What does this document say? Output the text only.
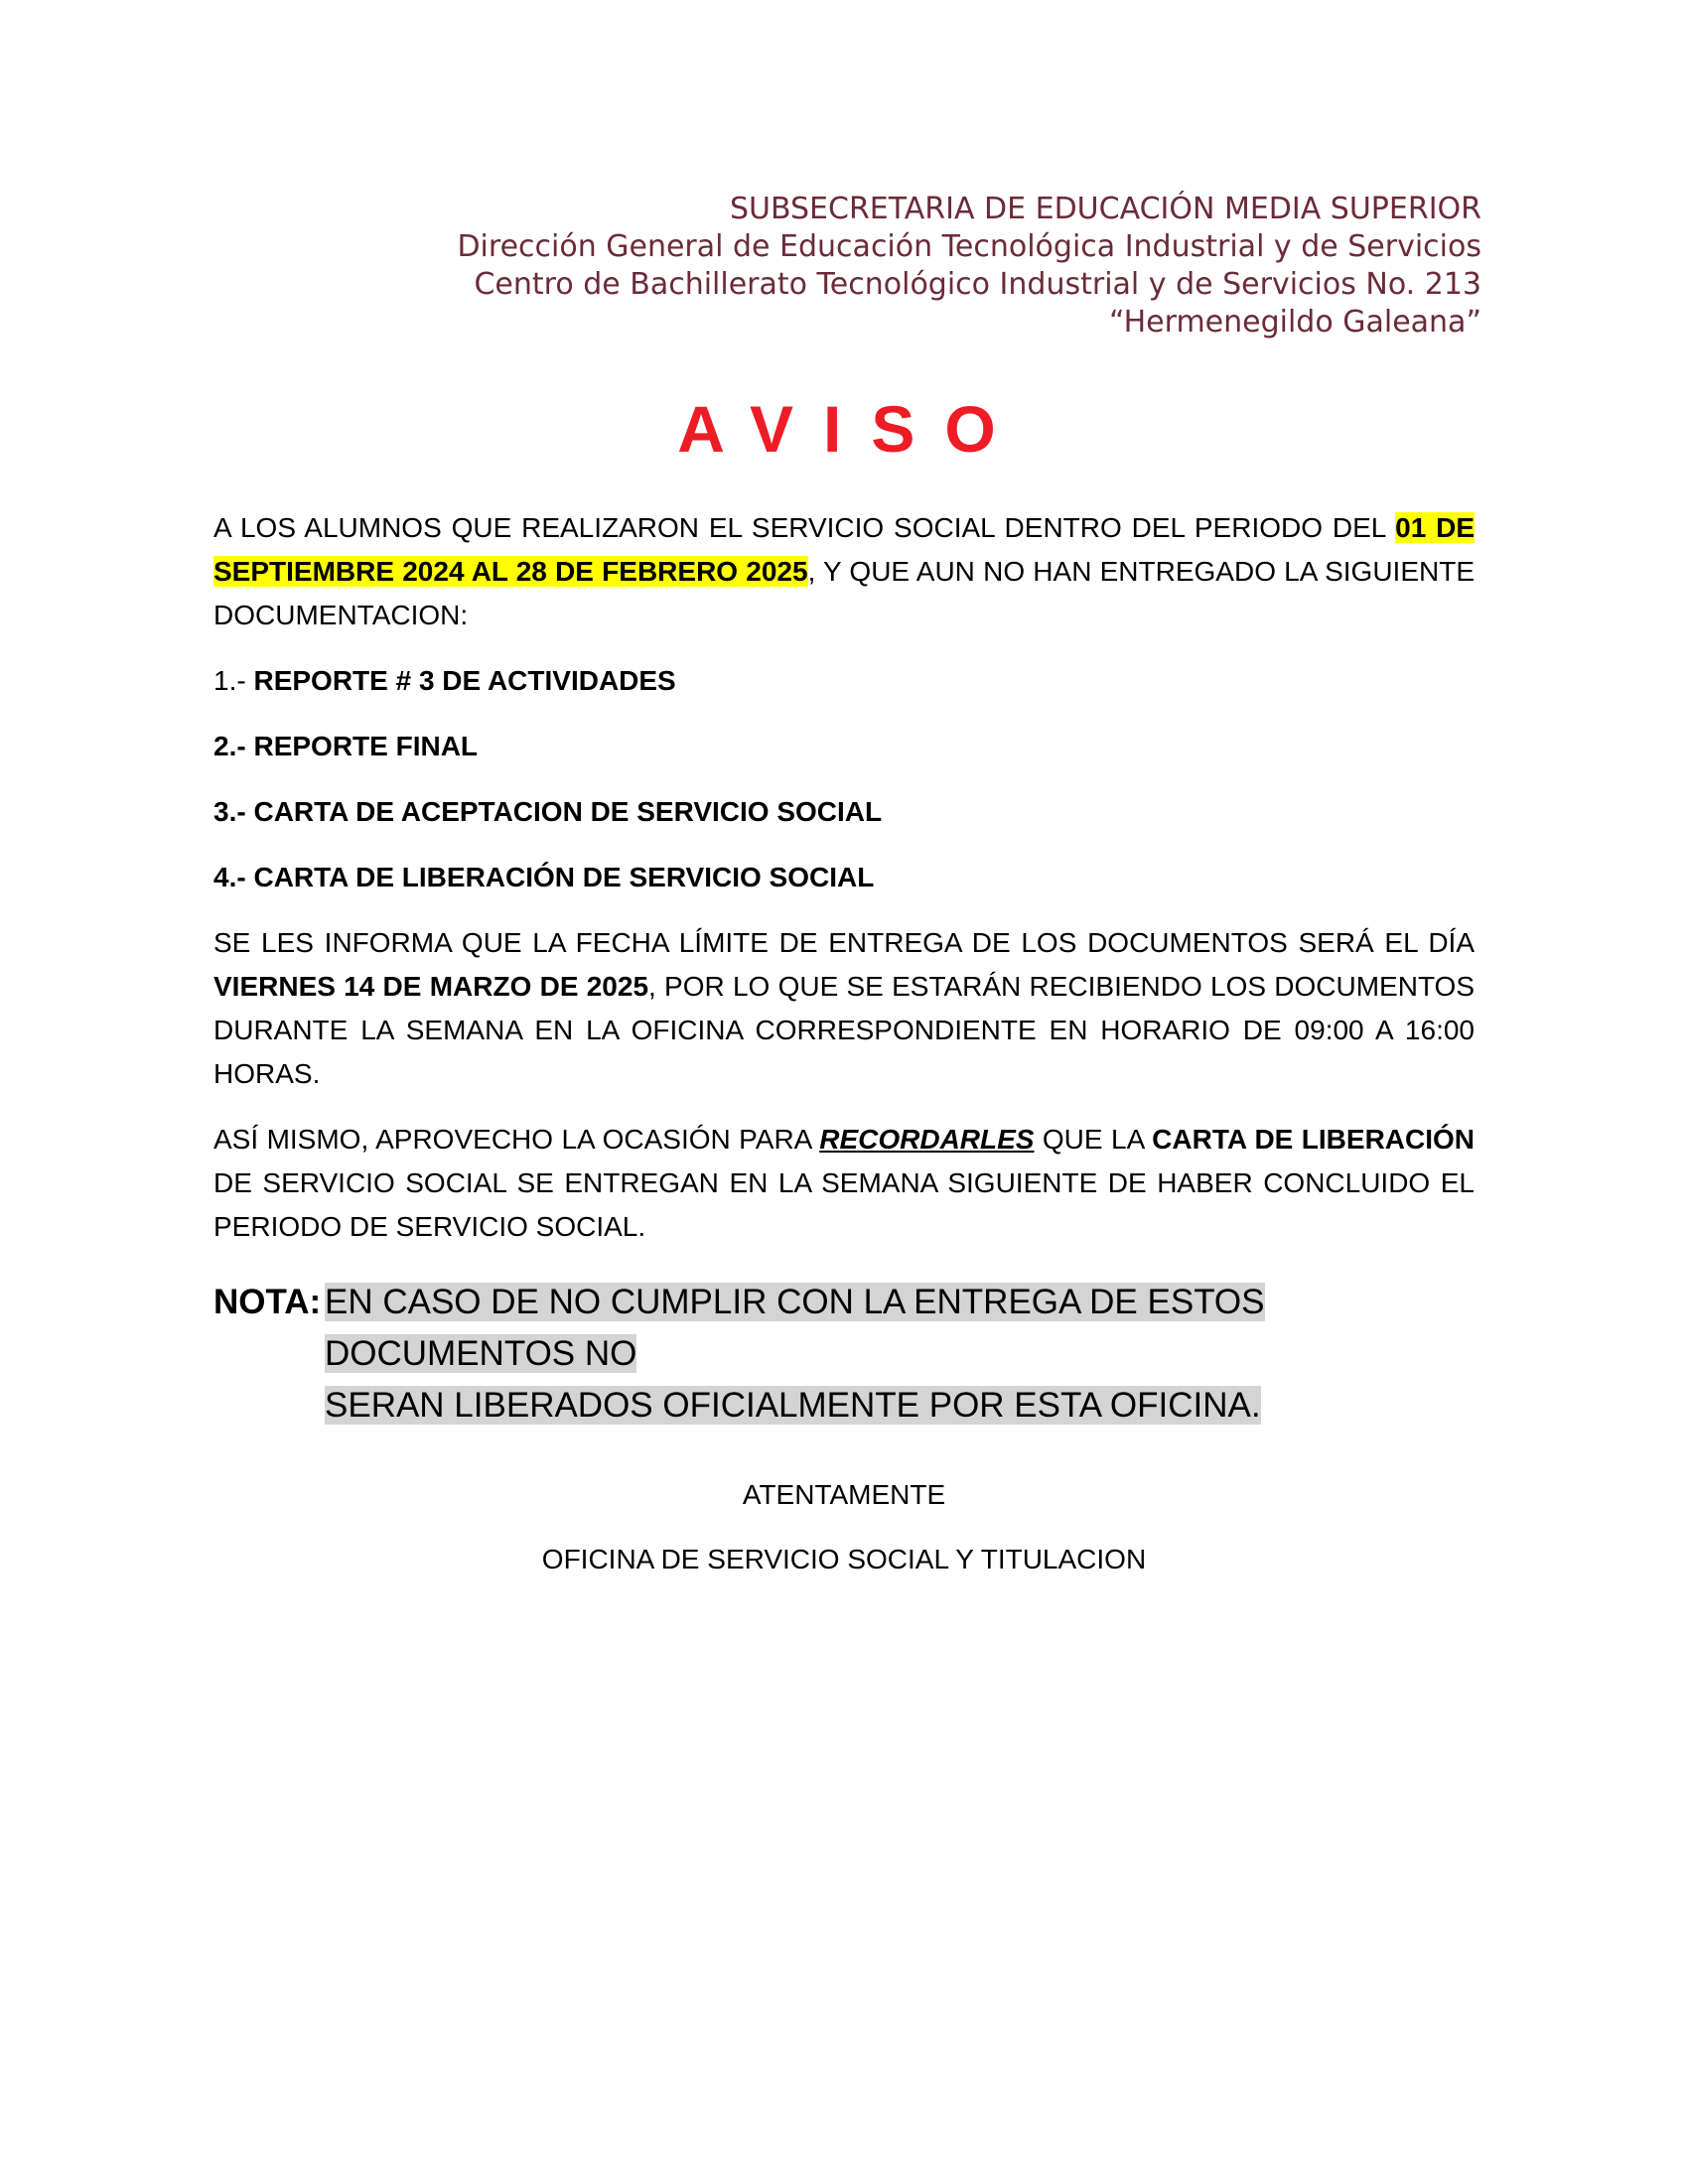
SUBSECRETARIA DE EDUCACIÓN MEDIA SUPERIOR
Dirección General de Educación Tecnológica Industrial y de Servicios
Centro de Bachillerato Tecnológico Industrial y de Servicios No. 213
“Hermenegildo Galeana”
AVISO

A LOS ALUMNOS QUE REALIZARON EL SERVICIO SOCIAL DENTRO DEL PERIODO DEL 01 DE SEPTIEMBRE 2024 AL 28 DE FEBRERO 2025, Y QUE AUN NO HAN ENTREGADO LA SIGUIENTE DOCUMENTACION:

1.- REPORTE # 3 DE ACTIVIDADES
2.- REPORTE FINAL
3.- CARTA DE ACEPTACION DE SERVICIO SOCIAL
4.- CARTA DE LIBERACIÓN DE SERVICIO SOCIAL

SE LES INFORMA QUE LA FECHA LÍMITE DE ENTREGA DE LOS DOCUMENTOS SERÁ EL DÍA VIERNES 14 DE MARZO DE 2025, POR LO QUE SE ESTARÁN RECIBIENDO LOS DOCUMENTOS DURANTE LA SEMANA EN LA OFICINA CORRESPONDIENTE EN HORARIO DE 09:00 A 16:00 HORAS.

ASÍ MISMO, APROVECHO LA OCASIÓN PARA RECORDARLES QUE LA CARTA DE LIBERACIÓN DE SERVICIO SOCIAL SE ENTREGAN EN LA SEMANA SIGUIENTE DE HABER CONCLUIDO EL PERIODO DE SERVICIO SOCIAL.

NOTA: EN CASO DE NO CUMPLIR CON LA ENTREGA DE ESTOS DOCUMENTOS NO
SERAN LIBERADOS OFICIALMENTE POR ESTA OFICINA.
ATENTAMENTE
OFICINA DE SERVICIO SOCIAL Y TITULACION
